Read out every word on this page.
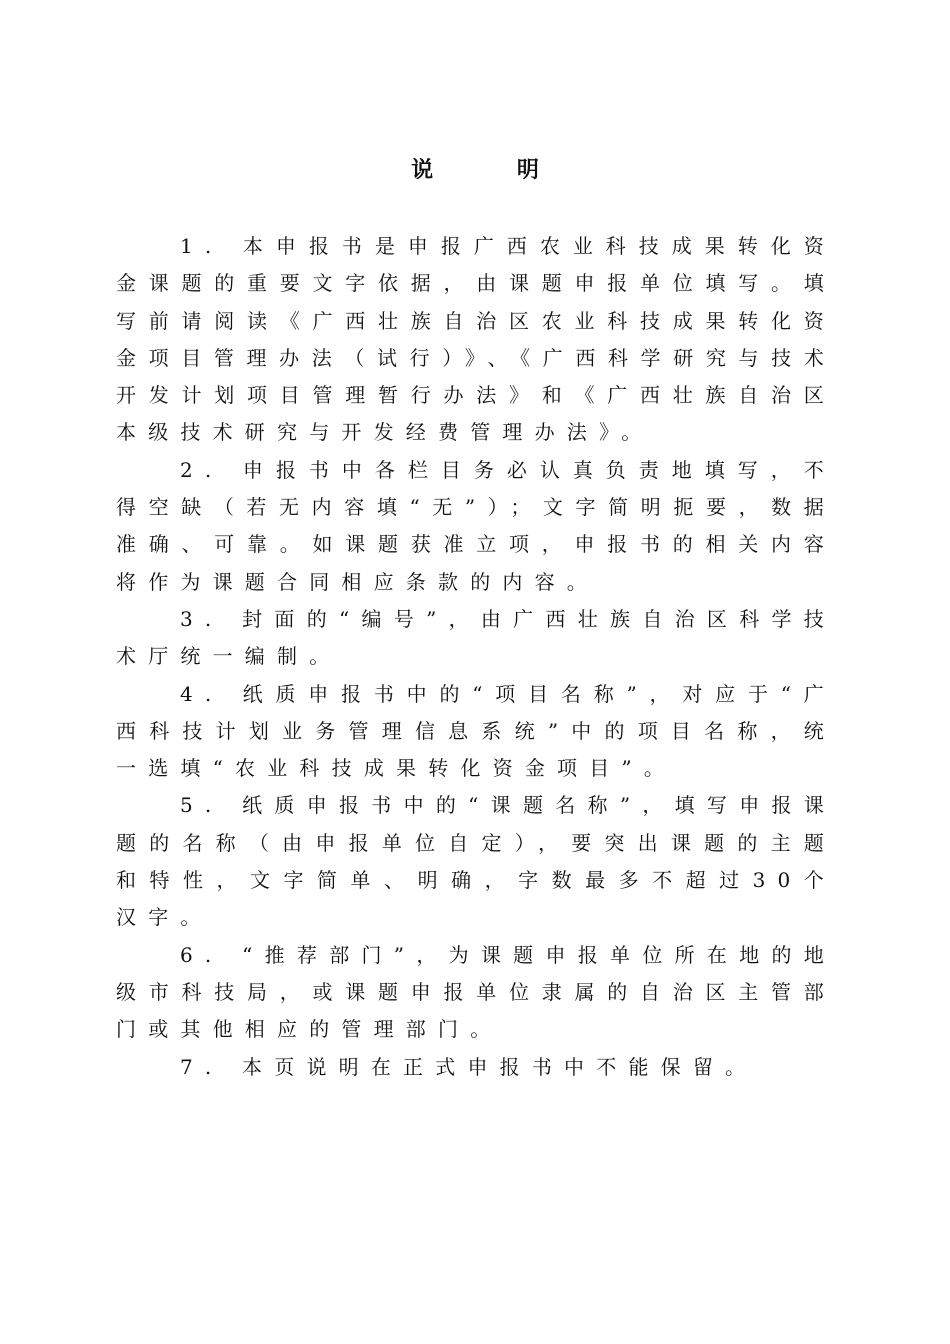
说 明

1. 本申报书是申报广西农业科技成果转化资金课题的重要文字依据，由课题申报单位填写。填写前请阅读《广西壮族自治区农业科技成果转化资金项目管理办法（试行）》、《广西科学研究与技术开发计划项目管理暂行办法》和《广西壮族自治区本级技术研究与开发经费管理办法》。

2. 申报书中各栏目务必认真负责地填写，不得空缺（若无内容填“无”）；文字简明扼要，数据准确、可靠。如课题获准立项，申报书的相关内容将作为课题合同相应条款的内容。

3. 封面的“编号”，由广西壮族自治区科学技术厅统一编制。

4. 纸质申报书中的“项目名称”，对应于“广西科技计划业务管理信息系统”中的项目名称，统一选填“农业科技成果转化资金项目”。

5. 纸质申报书中的“课题名称”，填写申报课题的名称（由申报单位自定），要突出课题的主题和特性，文字简单、明确，字数最多不超过30个汉字。

6. “推荐部门”，为课题申报单位所在地的地级市科技局，或课题申报单位隶属的自治区主管部门或其他相应的管理部门。

7. 本页说明在正式申报书中不能保留。
